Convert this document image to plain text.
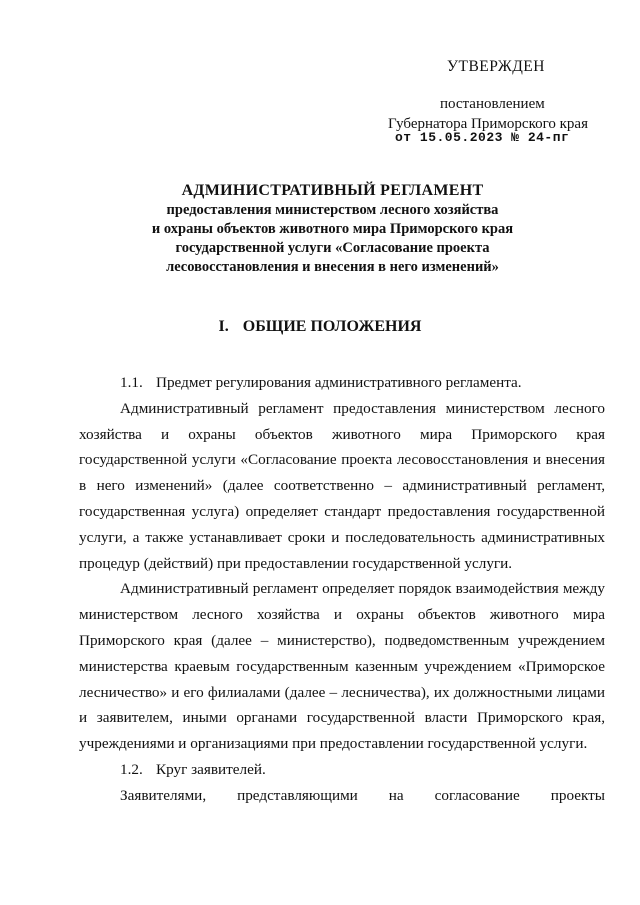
УТВЕРЖДЕН
постановлением
Губернатора Приморского края
от 15.05.2023 № 24-пг
АДМИНИСТРАТИВНЫЙ РЕГЛАМЕНТ
предоставления министерством лесного хозяйства
и охраны объектов животного мира Приморского края
государственной услуги «Согласование проекта
лесовосстановления и внесения в него изменений»
I. ОБЩИЕ ПОЛОЖЕНИЯ

1.1. Предмет регулирования административного регламента.

Административный регламент предоставления министерством лесного хозяйства и охраны объектов животного мира Приморского края государственной услуги «Согласование проекта лесовосстановления и внесения в него изменений» (далее соответственно – административный регламент, государственная услуга) определяет стандарт предоставления государственной услуги, а также устанавливает сроки и последовательность административных процедур (действий) при предоставлении государственной услуги.

Административный регламент определяет порядок взаимодействия между министерством лесного хозяйства и охраны объектов животного мира Приморского края (далее – министерство), подведомственным учреждением министерства краевым государственным казенным учреждением «Приморское лесничество» и его филиалами (далее – лесничества), их должностными лицами и заявителем, иными органами государственной власти Приморского края, учреждениями и организациями при предоставлении государственной услуги.

1.2. Круг заявителей.

Заявителями, представляющими на согласование проекты
